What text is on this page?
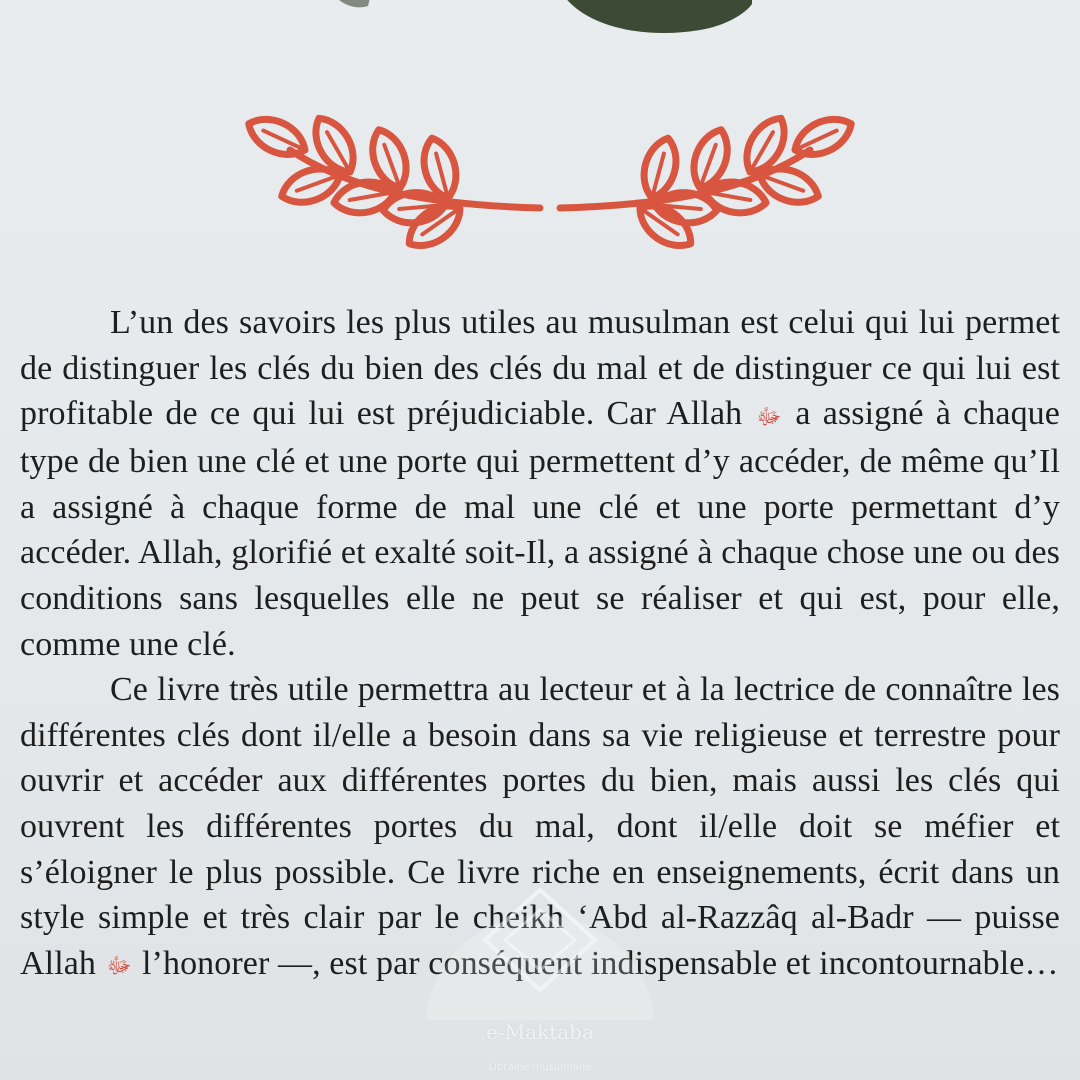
L’un des savoirs les plus utiles au musulman est celui qui lui permet de distinguer les clés du bien des clés du mal et de distinguer ce qui lui est profitable de ce qui lui est préjudiciable. Car Allah ﷻ a assigné à chaque type de bien une clé et une porte qui permettent d’y accéder, de même qu’Il a assigné à chaque forme de mal une clé et une porte permettant d’y accéder. Allah, glorifié et exalté soit-Il, a assigné à chaque chose une ou des conditions sans lesquelles elle ne peut se réaliser et qui est, pour elle, comme une clé.

Ce livre très utile permettra au lecteur et à la lectrice de connaître les différentes clés dont il/elle a besoin dans sa vie religieuse et terrestre pour ouvrir et accéder aux différentes portes du bien, mais aussi les clés qui ouvrent les différentes portes du mal, dont il/elle doit se méfier et s’éloigner le plus possible. Ce livre riche en enseignements, écrit dans un style simple et très clair par le cheikh ‘Abd al-Razzâq al-Badr — puisse Allah ﷻ l’honorer —, est par conséquent indispensable et incontournable…

e-Maktaba
Librairie musulmane
